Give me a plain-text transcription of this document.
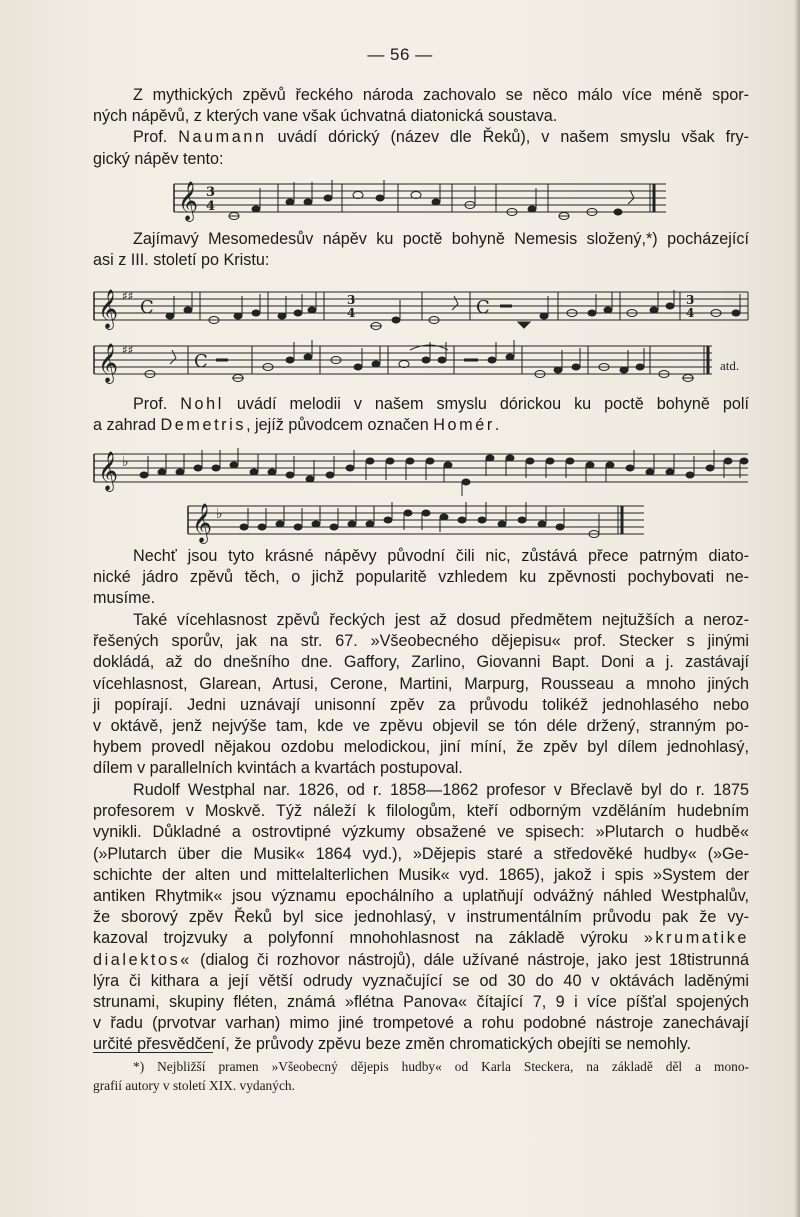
— 56 —
Z mythických zpěvů řeckého národa zachovalo se něco málo více méně spor-
ných nápěvů, z kterých vane však úchvatná diatonická soustava.
Prof. Naumann uvádí dórický (název dle Řeků), v našem smyslu však fry-
gický nápěv tento:
𝄞 3
4
Zajímavý Mesomedesův nápěv ku poctě bohyně Nemesis složený,*) pocházející
asi z III. století po Kristu:
𝄞 ♯♯
C	3
4
3
4
C
𝄞 ♯♯
C	atd.
Prof. Nohl uvádí melodii v našem smyslu dórickou ku poctě bohyně polí
a zahrad Demetris, jejíž původcem označen Homér.
𝄞 ♭
𝄞 ♭
Nechť jsou tyto krásné nápěvy původní čili nic, zůstává přece patrným diato-
nické jádro zpěvů těch, o jichž popularitě vzhledem ku zpěvnosti pochybovati ne-
musíme.
Také vícehlasnost zpěvů řeckých jest až dosud předmětem nejtužších a neroz-
řešených sporův, jak na str. 67. »Všeobecného dějepisu« prof. Stecker s jinými
dokládá, až do dnešního dne. Gaffory, Zarlino, Giovanni Bapt. Doni a j. zastávají
vícehlasnost, Glarean, Artusi, Cerone, Martini, Marpurg, Rousseau a mnoho jiných
ji popírají. Jedni uznávají unisonní zpěv za průvodu tolikéž jednohlasého nebo
v oktávě, jenž nejvýše tam, kde ve zpěvu objevil se tón déle držený, stranným po-
hybem provedl nějakou ozdobu melodickou, jiní míní, že zpěv byl dílem jednohlasý,
dílem v parallelních kvintách a kvartách postupoval.
Rudolf Westphal nar. 1826, od r. 1858—1862 profesor v Břeclavě byl do r. 1875
profesorem v Moskvě. Týž náleží k filologům, kteří odborným vzděláním hudebním
vynikli. Důkladné a ostrovtipné výzkumy obsažené ve spisech: »Plutarch o hudbě«
(»Plutarch über die Musik« 1864 vyd.), »Dějepis staré a středověké hudby« (»Ge-
schichte der alten und mittelalterlichen Musik« vyd. 1865), jakož i spis »System der
antiken Rhytmik« jsou významu epochálního a uplatňují odvážný náhled Westphalův,
že sborový zpěv Řeků byl sice jednohlasý, v instrumentálním průvodu pak že vy-
kazoval trojzvuky a polyfonní mnohohlasnost na základě výroku »krumatike
dialektos« (dialog či rozhovor nástrojů), dále užívané nástroje, jako jest 18tistrunná
lýra či kithara a její větší odrudy vyznačující se od 30 do 40 v oktávách laděnými
strunami, skupiny fléten, známá »flétna Panova« čítající 7, 9 i více píšťal spojených
v řadu (prvotvar varhan) mimo jiné trompetové a rohu podobné nástroje zanechávají
určité přesvědčení, že průvody zpěvu beze změn chromatických obejíti se nemohly.
*) Nejbližší pramen »Všeobecný dějepis hudby« od Karla Steckera, na základě děl a mono-
grafií autory v století XIX. vydaných.
